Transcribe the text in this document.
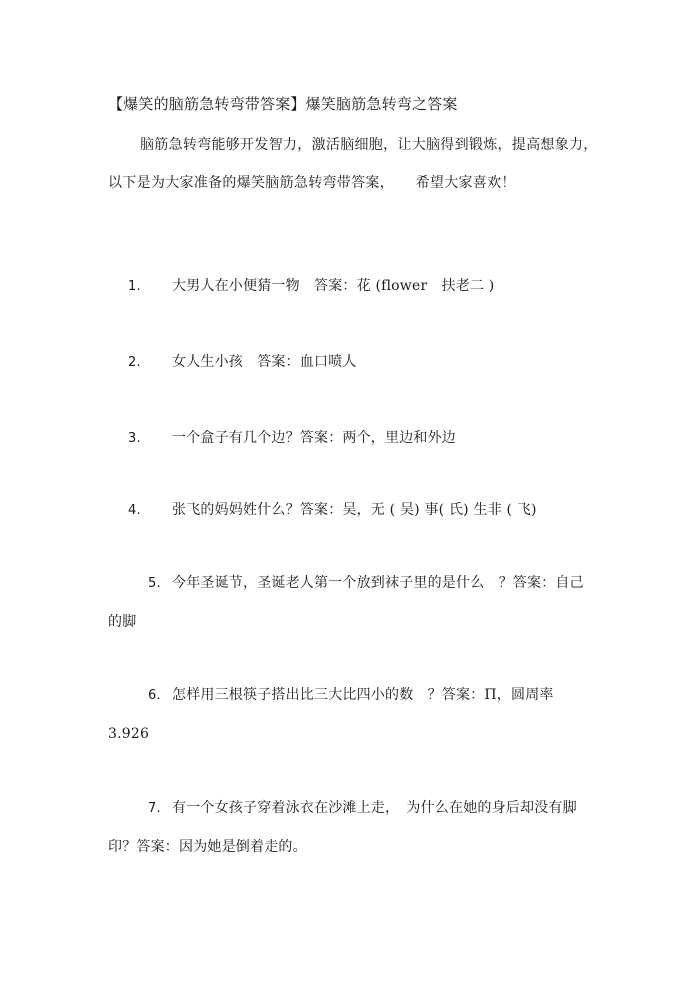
【爆笑的脑筋急转弯带答案】爆笑脑筋急转弯之答案
脑筋急转弯能够开发智力，激活脑细胞，让大脑得到锻炼，提高想象力，以下是为大家准备的爆笑脑筋急转弯带答案，　　希望大家喜欢！
1. 大男人在小便猜一物　答案：花 (flower　扶老二 )
2. 女人生小孩　答案：血口喷人
3. 一个盒子有几个边？答案：两个，里边和外边
4. 张飞的妈妈姓什么？答案：吴，无 ( 吴) 事( 氏) 生非 ( 飞)
5. 今年圣诞节，圣诞老人第一个放到袜子里的是什么　？答案：自己的脚
6. 怎样用三根筷子搭出比三大比四小的数　？答案：Π，圆周率 3.926
7. 有一个女孩子穿着泳衣在沙滩上走，　为什么在她的身后却没有脚印？答案：因为她是倒着走的。
